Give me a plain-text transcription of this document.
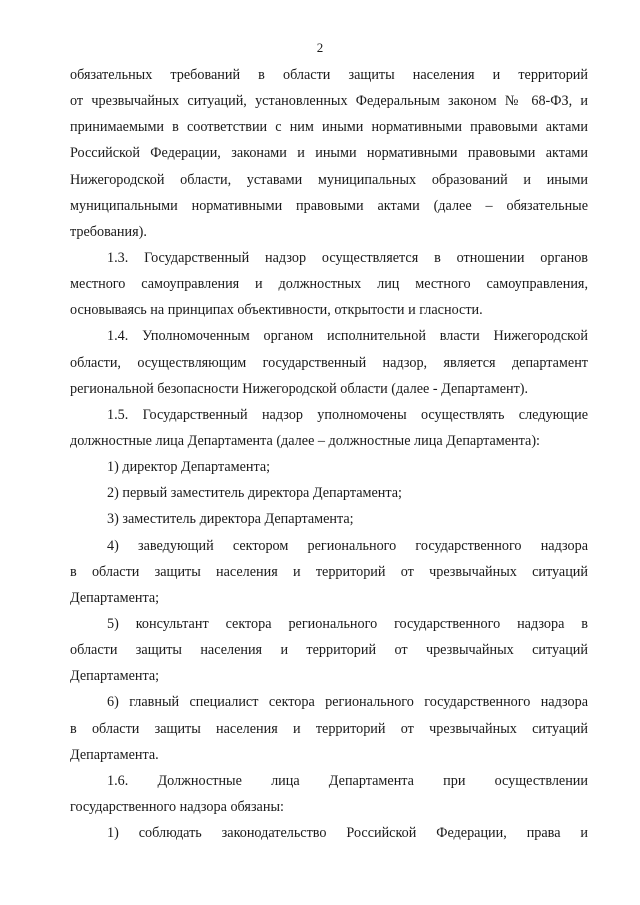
2
обязательных требований в области защиты населения и территорий
от чрезвычайных ситуаций, установленных Федеральным законом № 68-ФЗ, и
принимаемыми в соответствии с ним иными нормативными правовыми актами
Российской Федерации, законами и иными нормативными правовыми актами
Нижегородской области, уставами муниципальных образований и иными
муниципальными нормативными правовыми актами (далее – обязательные
требования).
1.3. Государственный надзор осуществляется в отношении органов
местного самоуправления и должностных лиц местного самоуправления,
основываясь на принципах объективности, открытости и гласности.
1.4. Уполномоченным органом исполнительной власти Нижегородской
области, осуществляющим государственный надзор, является департамент
региональной безопасности Нижегородской области (далее - Департамент).
1.5. Государственный надзор уполномочены осуществлять следующие
должностные лица Департамента (далее – должностные лица Департамента):
1) директор Департамента;
2) первый заместитель директора Департамента;
3) заместитель директора Департамента;
4) заведующий сектором регионального государственного надзора
в области защиты населения и территорий от чрезвычайных ситуаций
Департамента;
5) консультант сектора регионального государственного надзора в
области защиты населения и территорий от чрезвычайных ситуаций
Департамента;
6) главный специалист сектора регионального государственного надзора
в области защиты населения и территорий от чрезвычайных ситуаций
Департамента.
1.6. Должностные лица Департамента при осуществлении
государственного надзора обязаны:
1) соблюдать законодательство Российской Федерации, права и
